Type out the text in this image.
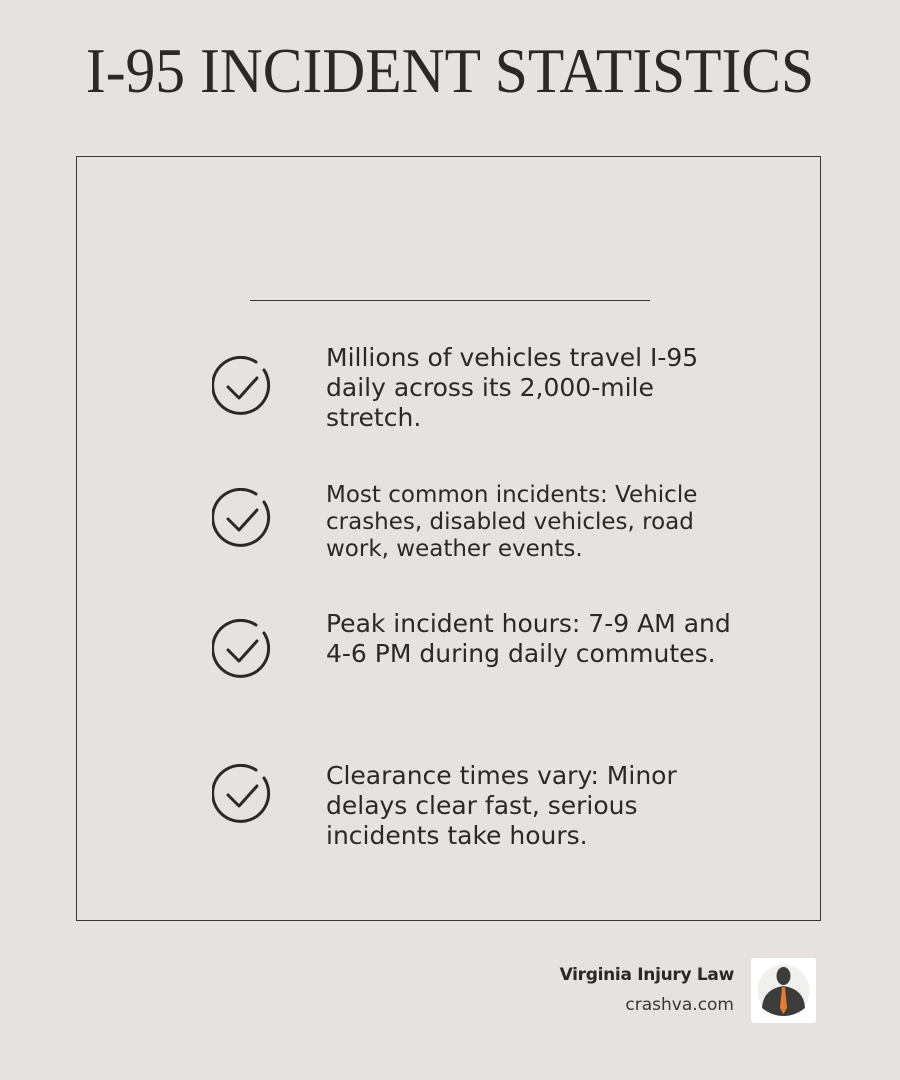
I-95 INCIDENT STATISTICS
Millions of vehicles travel I-95 daily across its 2,000-mile stretch.
Most common incidents: Vehicle crashes, disabled vehicles, road work, weather events.
Peak incident hours: 7-9 AM and 4-6 PM during daily commutes.
Clearance times vary: Minor delays clear fast, serious incidents take hours.
Virginia Injury Law
crashva.com
